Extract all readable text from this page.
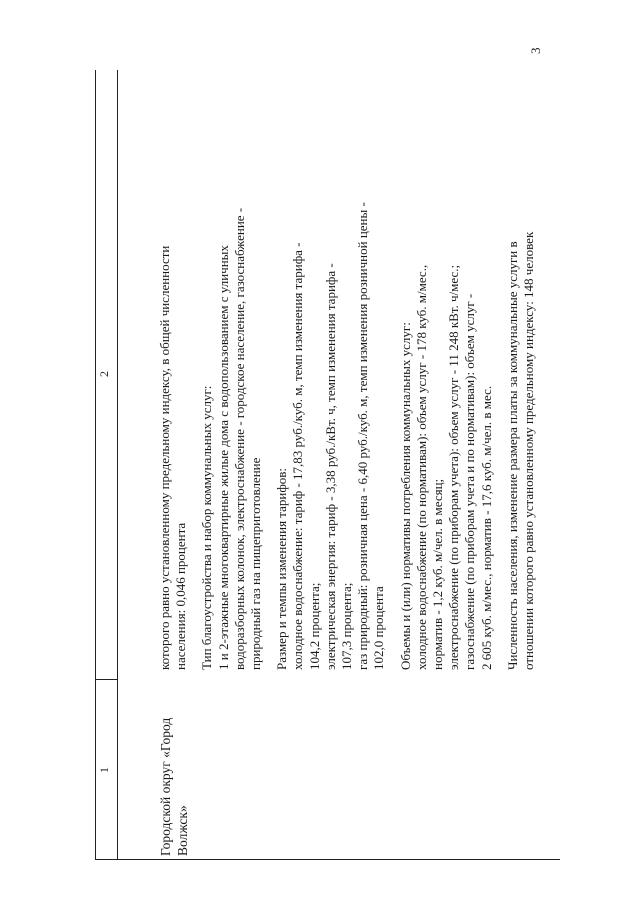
3
1
2
Городской округ «Город Волжск»

которого равно установленному предельному индексу, в общей численности населения: 0,046 процента Тип благоустройства и набор коммунальных услуг: 1 и 2-этажные многоквартирные жилые дома с водопользованием с уличных водоразборных колонок, электроснабжение - городское население, газоснабжение - природный газ на пищеприготовление Размер и темпы изменения тарифов: холодное водоснабжение: тариф - 17,83 руб./куб. м, темп изменения тарифа - 104,2 процента; электрическая энергия: тариф - 3,38 руб./кВт. ч, темп изменения тарифа - 107,3 процента; газ природный: розничная цена - 6,40 руб./куб. м, темп изменения розничной цены - 102,0 процента Объемы и (или) нормативы потребления коммунальных услуг: холодное водоснабжение (по нормативам): объем услуг - 178 куб. м/мес., норматив - 1,2 куб. м/чел. в месяц; электроснабжение (по приборам учета): объем услуг - 11 248 кВт. ч/мес.; газоснабжение (по приборам учета и по нормативам): объем услуг - 2 605 куб. м/мес., норматив - 17,6 куб. м/чел. в мес. Численность населения, изменение размера платы за коммунальные услуги в отношении которого равно установленному предельному индексу: 148 человек
